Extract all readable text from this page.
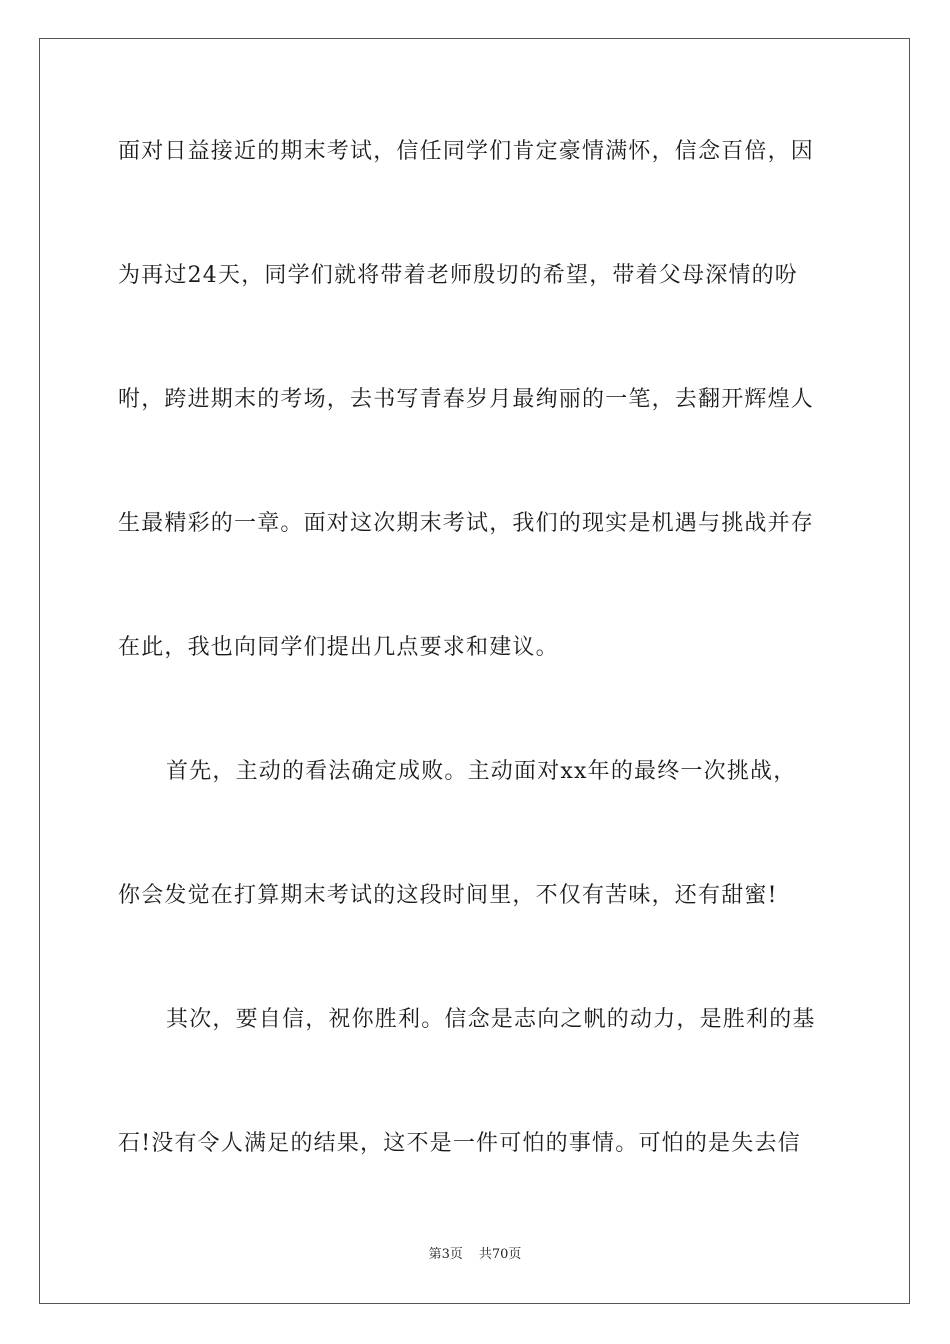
面对日益接近的期末考试，信任同学们肯定豪情满怀，信念百倍，因
为再过24天，同学们就将带着老师殷切的希望，带着父母深情的吩
咐，跨进期末的考场，去书写青春岁月最绚丽的一笔，去翻开辉煌人
生最精彩的一章。面对这次期末考试，我们的现实是机遇与挑战并存
在此，我也向同学们提出几点要求和建议。
首先，主动的看法确定成败。主动面对xx年的最终一次挑战，
你会发觉在打算期末考试的这段时间里，不仅有苦味，还有甜蜜!
其次，要自信，祝你胜利。信念是志向之帆的动力，是胜利的基
石!没有令人满足的结果，这不是一件可怕的事情。可怕的是失去信
第3页 共70页
